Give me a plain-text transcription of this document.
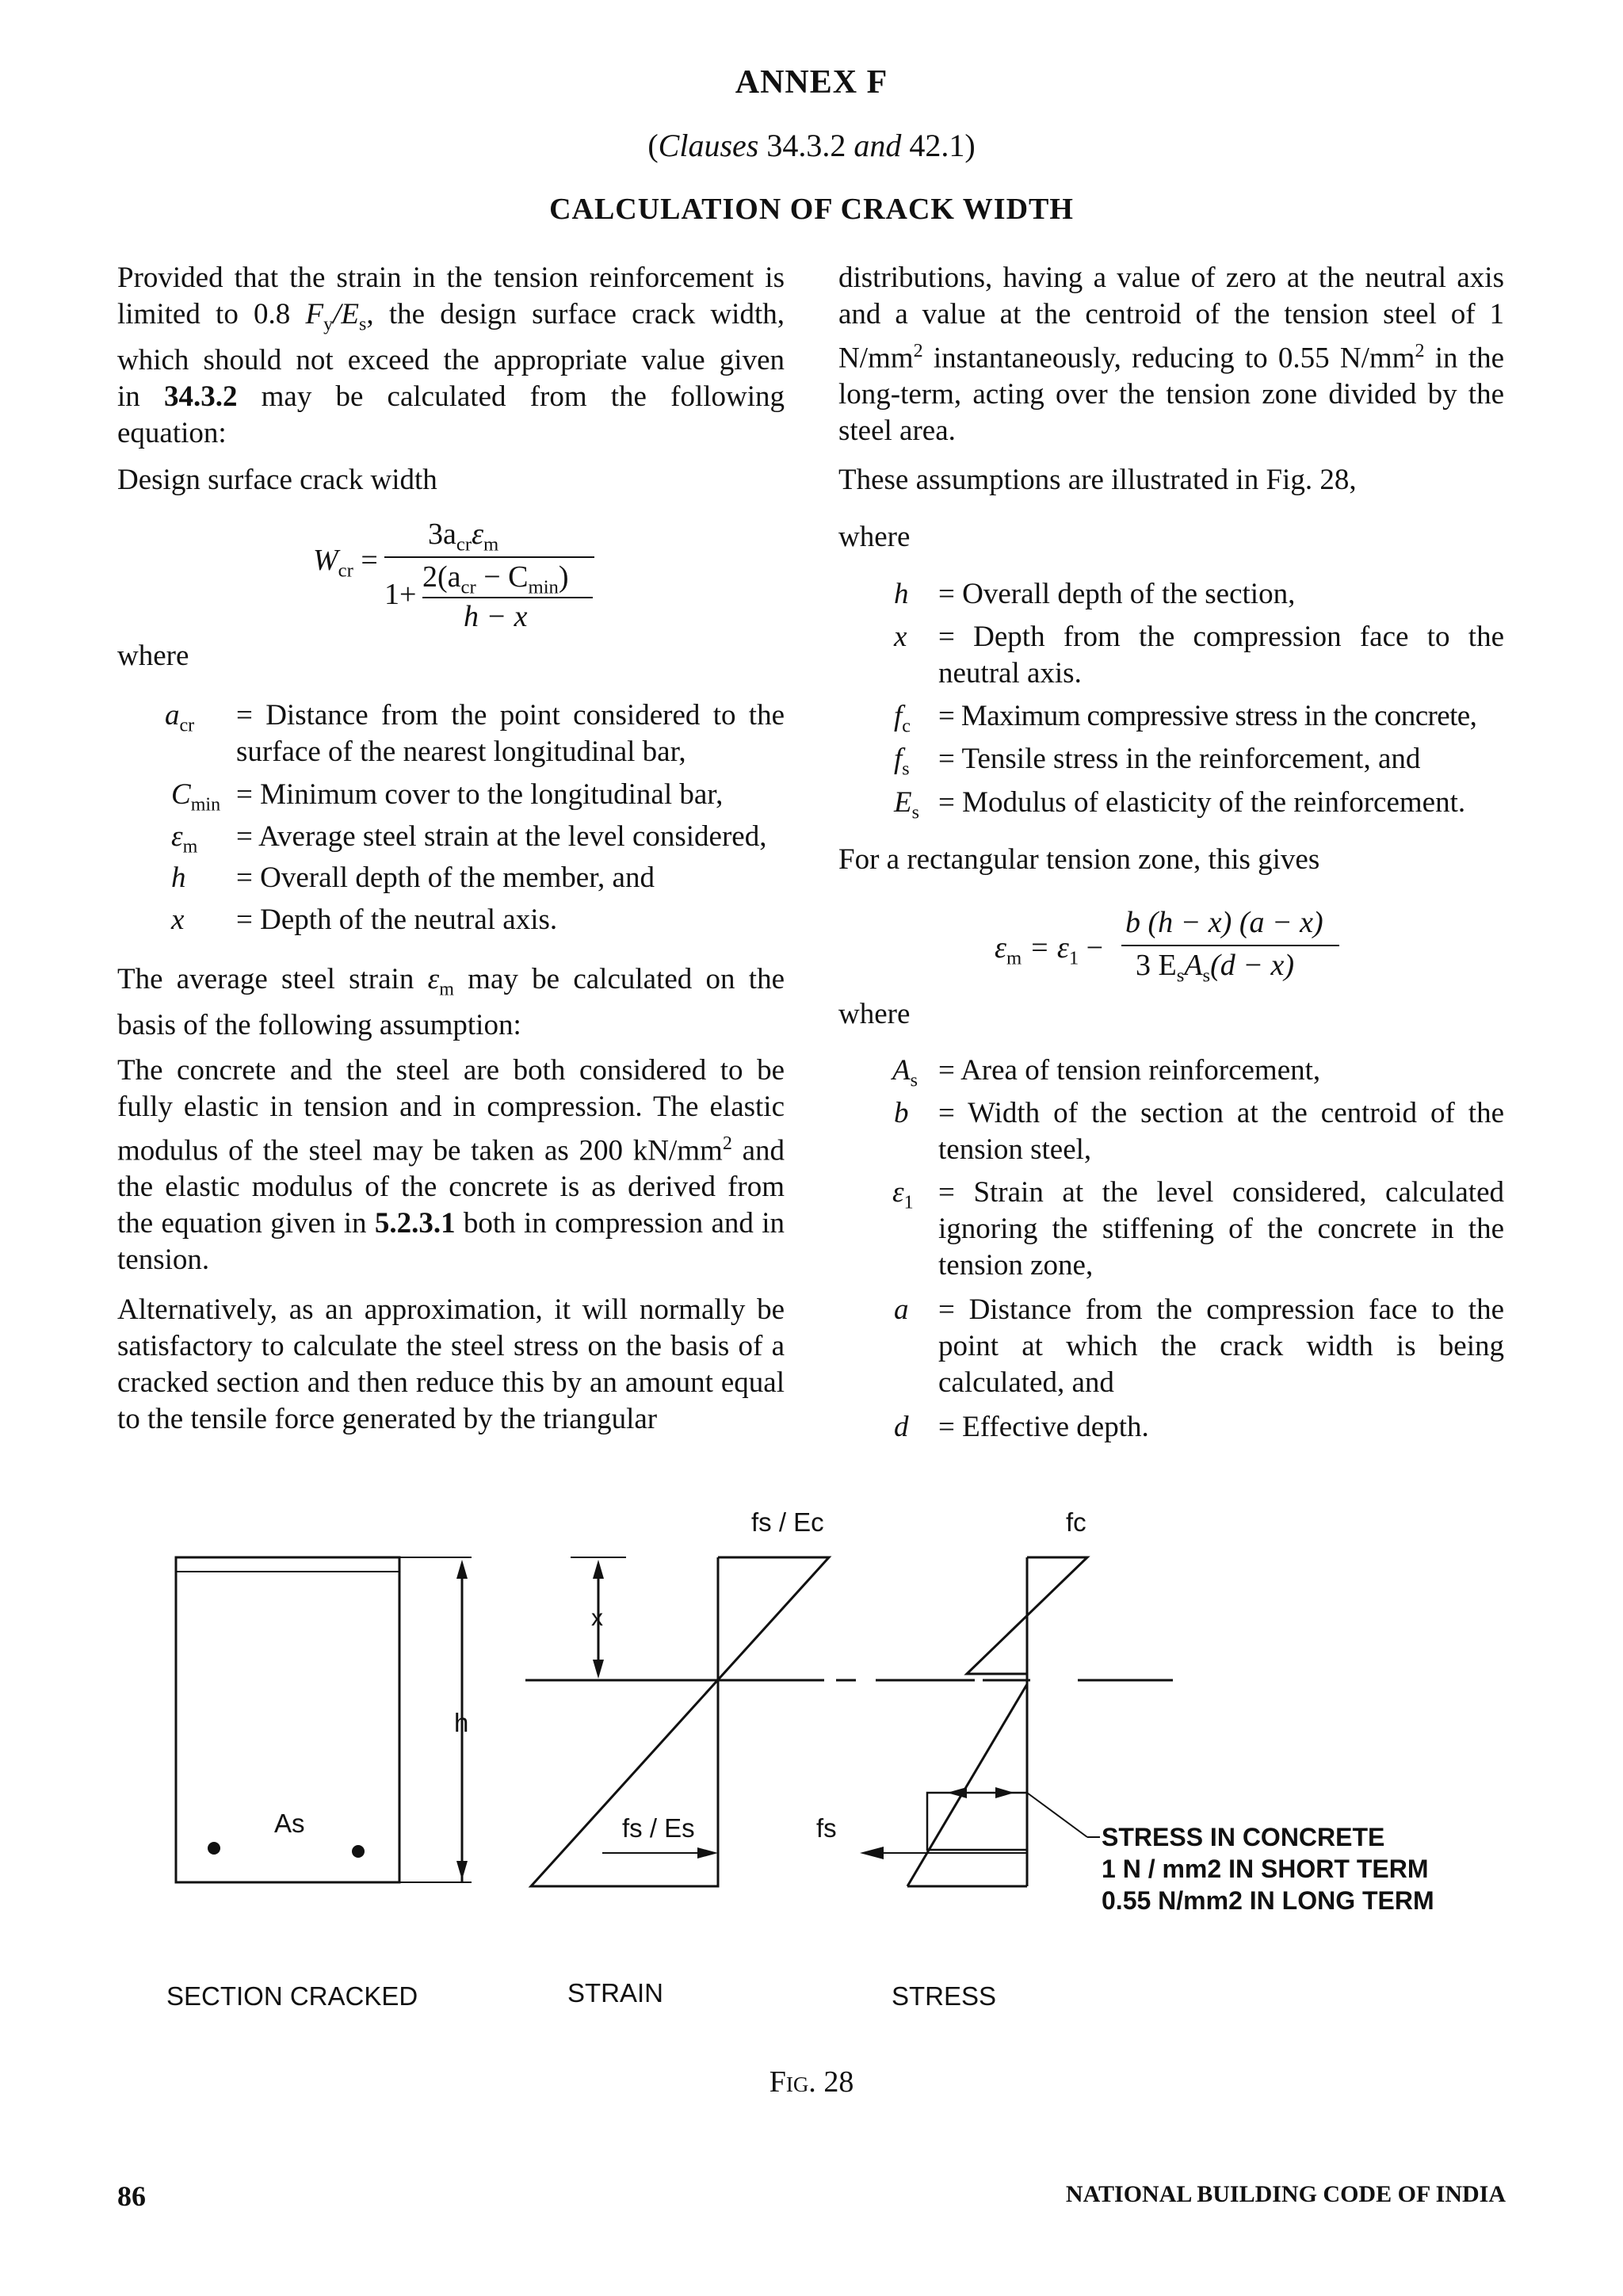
ANNEX F
(Clauses 34.3.2 and 42.1)
CALCULATION OF CRACK WIDTH
Provided that the strain in the tension reinforcement is
limited to 0.8 $F_y/E_s$, the design surface crack width,
which should not exceed the appropriate value given
in 34.3.2 may be calculated from the following
equation:
Design surface crack width
$W_{cr}$ =
$3a_{cr}\varepsilon_m$
1+
$2(a_{cr} - C_{min})$
h − x
where
$a_{cr}$ = Distance from the point considered to the surface of the nearest longitudinal bar,
$C_{min}$ = Minimum cover to the longitudinal bar,
$\varepsilon_m$ = Average steel strain at the level considered,
h = Overall depth of the member, and
x = Depth of the neutral axis.
The average steel strain $\varepsilon_m$ may be calculated on the
basis of the following assumption:
The concrete and the steel are both considered to be fully elastic in tension and in compression. The elastic modulus of the steel may be taken as 200 $kN/mm^2$ and the elastic modulus of the concrete is as derived from the equation given in 5.2.3.1 both in compression and in tension.
Alternatively, as an approximation, it will normally be satisfactory to calculate the steel stress on the basis of a cracked section and then reduce this by an amount equal to the tensile force generated by the triangular
distributions, having a value of zero at the neutral axis and a value at the centroid of the tension steel of 1 $N/mm^2$ instantaneously, reducing to 0.55 $N/mm^2$ in the long-term, acting over the tension zone divided by the steel area.
These assumptions are illustrated in Fig. 28,
where
h = Overall depth of the section,
x = Depth from the compression face to the neutral axis.
$f_c$ = Maximum compressive stress in the concrete,
$f_s$ = Tensile stress in the reinforcement, and
$E_s$ = Modulus of elasticity of the reinforcement.
For a rectangular tension zone, this gives
$\varepsilon_m = \varepsilon_1$ −
b (h − x) (a − x)
3 $E_sA_s(d - x)$
where
$A_s$ = Area of tension reinforcement,
b = Width of the section at the centroid of the tension steel,
$\varepsilon_1$ = Strain at the level considered, calculated ignoring the stiffening of the concrete in the tension zone,
a = Distance from the compression face to the point at which the crack width is being calculated, and
d = Effective depth.
fs / Ec	fc
x
h
As	fs / Es	fs	STRESS IN CONCRETE
1 N / mm2 IN SHORT TERM
0.55 N/mm2 IN LONG TERM
SECTION CRACKED	STRAIN	STRESS
Fig. 28
86	NATIONAL BUILDING CODE OF INDIA
